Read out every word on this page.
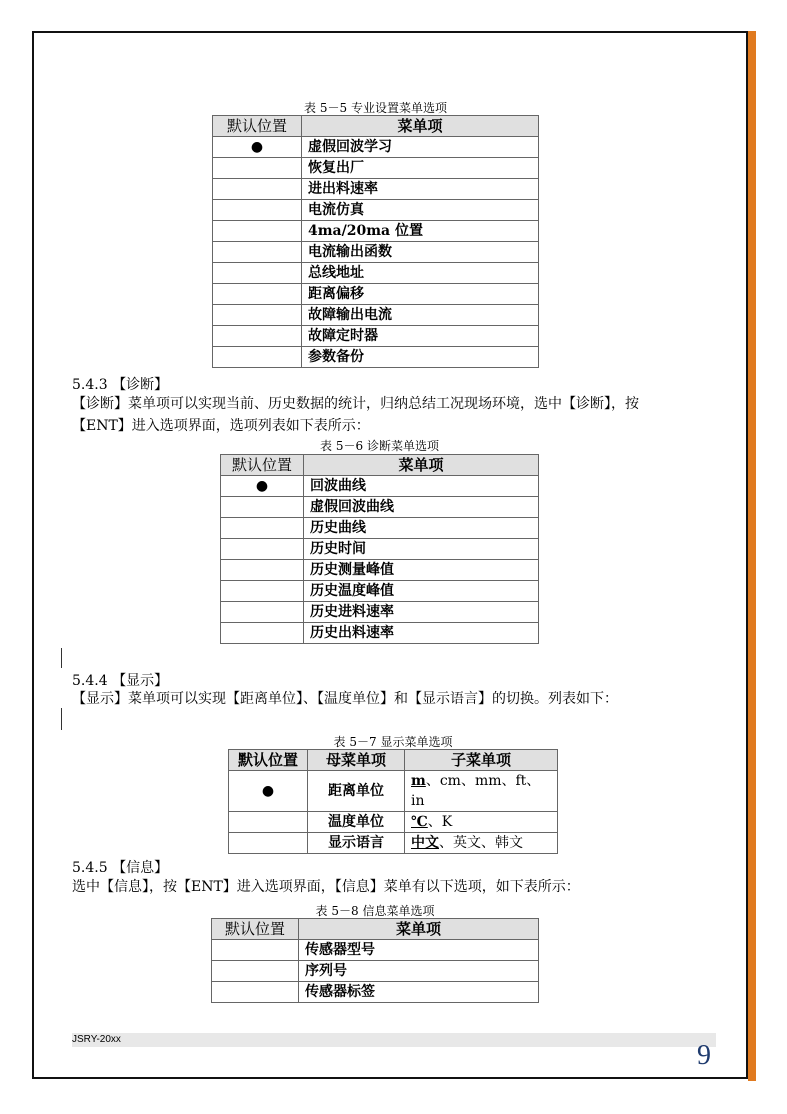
表 5－5 专业设置菜单选项
默认位置	菜单项
●	虚假回波学习
	恢复出厂
	进出料速率
	电流仿真
	4ma/20ma 位置
	电流输出函数
	总线地址
	距离偏移
	故障输出电流
	故障定时器
	参数备份
5.4.3 【诊断】
【诊断】菜单项可以实现当前、历史数据的统计，归纳总结工况现场环境，选中【诊断】，按
【ENT】进入选项界面，选项列表如下表所示：
表 5－6 诊断菜单选项
默认位置	菜单项
●	回波曲线
	虚假回波曲线
	历史曲线
	历史时间
	历史测量峰值
	历史温度峰值
	历史进料速率
	历史出料速率
5.4.4 【显示】
【显示】菜单项可以实现【距离单位】、【温度单位】和【显示语言】的切换。列表如下：
表 5－7 显示菜单选项
默认位置	母菜单项	子菜单项
●	距离单位	m、cm、mm、ft、in
	温度单位	℃、K
	显示语言	中文、英文、韩文
5.4.5 【信息】
选中【信息】，按【ENT】进入选项界面，【信息】菜单有以下选项，如下表所示：
表 5－8 信息菜单选项
默认位置	菜单项
	传感器型号
	序列号
	传感器标签
JSRY-20xx
9
